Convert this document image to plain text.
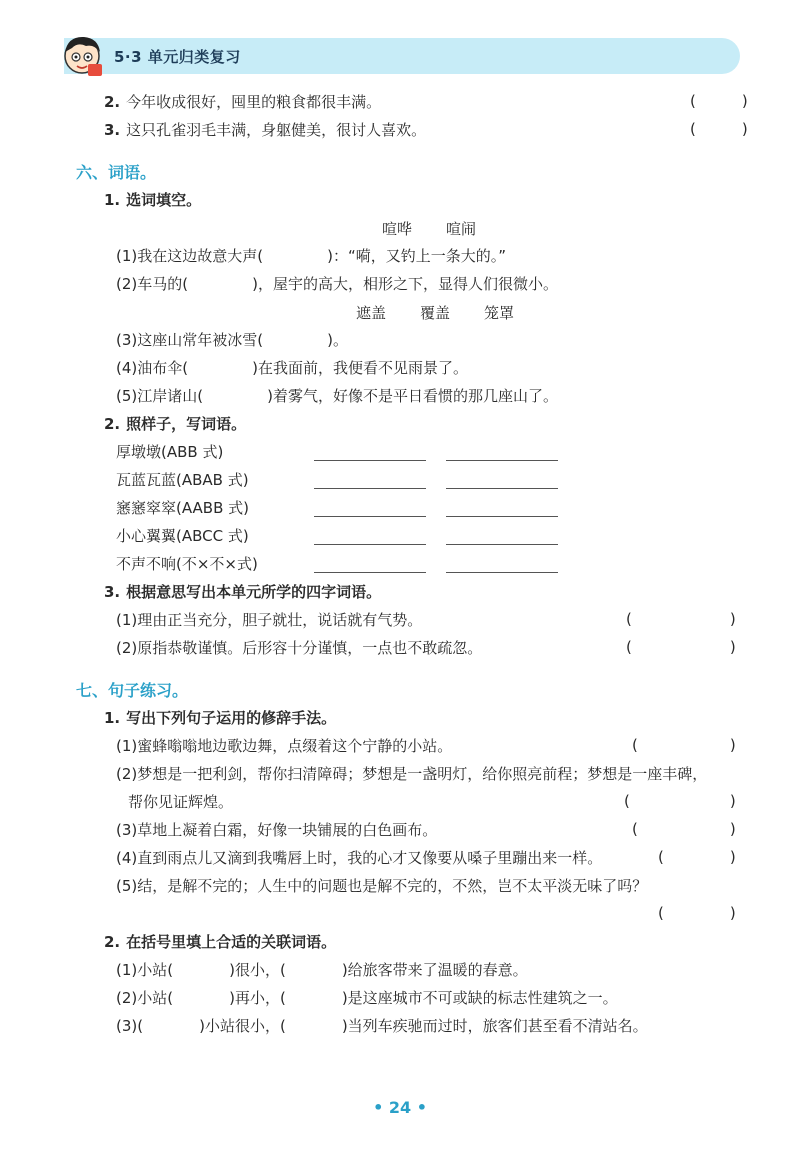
5·3 单元归类复习
2. 今年收成很好，囤里的粮食都很丰满。	(	)
3. 这只孔雀羽毛丰满，身躯健美，很讨人喜欢。	(	)
六、词语。
1. 选词填空。
喧哗 喧闹
(1)我在这边故意大声(	)：“嗬，又钓上一条大的。”
(2)车马的(	)，屋宇的高大，相形之下，显得人们很微小。
遮盖 覆盖 笼罩
(3)这座山常年被冰雪(	)。
(4)油布伞(	)在我面前，我便看不见雨景了。
(5)江岸诸山(	)着雾气，好像不是平日看惯的那几座山了。
2. 照样子，写词语。
厚墩墩(ABB 式)
瓦蓝瓦蓝(ABAB 式)
窸窸窣窣(AABB 式)
小心翼翼(ABCC 式)
不声不响(不×不×式)
3. 根据意思写出本单元所学的四字词语。
(1)理由正当充分，胆子就壮，说话就有气势。	(	)
(2)原指恭敬谨慎。后形容十分谨慎，一点也不敢疏忽。	(	)
七、句子练习。
1. 写出下列句子运用的修辞手法。
(1)蜜蜂嗡嗡地边歌边舞，点缀着这个宁静的小站。	(	)
(2)梦想是一把利剑，帮你扫清障碍；梦想是一盏明灯，给你照亮前程；梦想是一座丰碑，
帮你见证辉煌。	(	)
(3)草地上凝着白霜，好像一块铺展的白色画布。	(	)
(4)直到雨点儿又滴到我嘴唇上时，我的心才又像要从嗓子里蹦出来一样。	(	)
(5)结，是解不完的；人生中的问题也是解不完的，不然，岂不太平淡无味了吗？
(	)
2. 在括号里填上合适的关联词语。
(1)小站(	)很小，(	)给旅客带来了温暖的春意。
(2)小站(	)再小，(	)是这座城市不可或缺的标志性建筑之一。
(3)(	)小站很小，(	)当列车疾驰而过时，旅客们甚至看不清站名。
• 24 •
